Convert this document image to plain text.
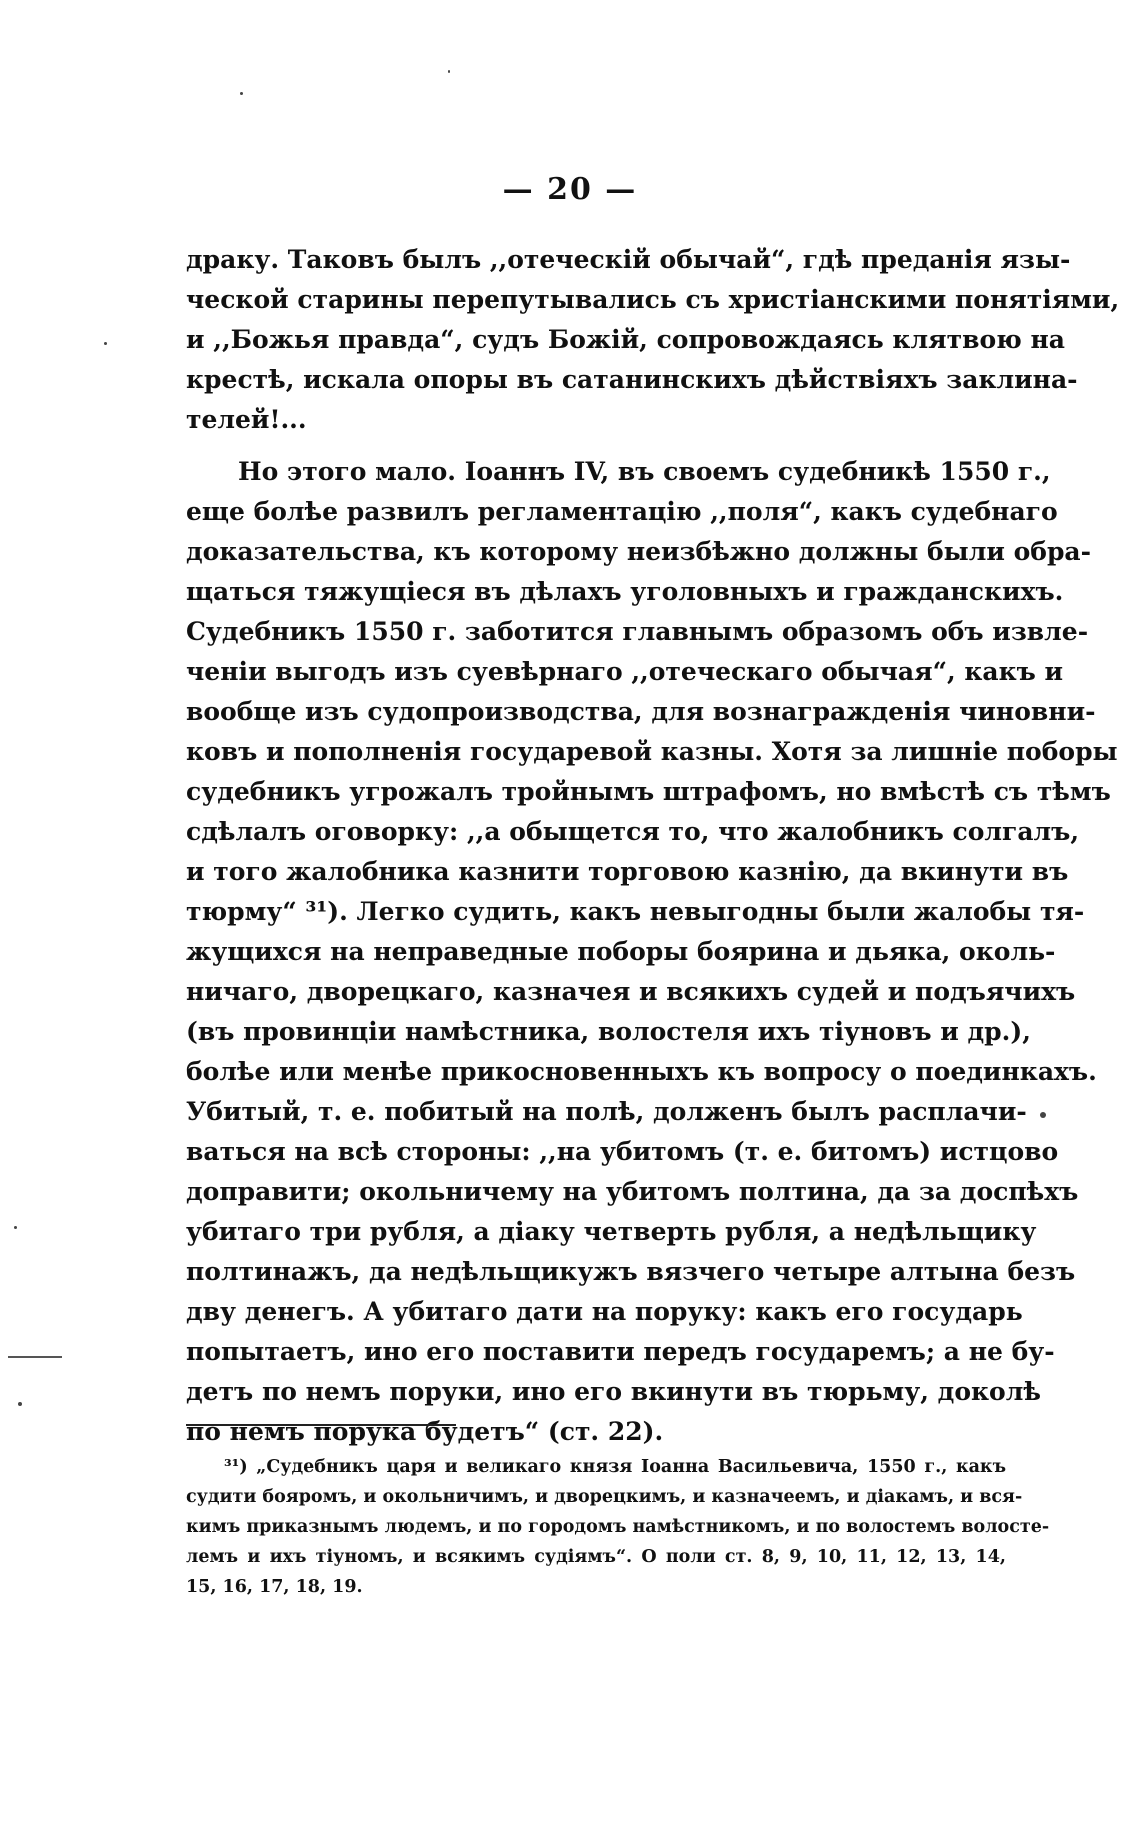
— 20 —
драку. Таковъ былъ ,,отеческій обычай“, гдѣ преданія язы-
ческой старины перепутывались съ христіанскими понятіями,
и ,,Божья правда“, судъ Божій, сопровождаясь клятвою на
крестѣ, искала опоры въ сатанинскихъ дѣйствіяхъ заклина-
телей!...
Но этого мало. Іоаннъ IV, въ своемъ судебникѣ 1550 г.,
еще болѣе развилъ регламентацію ,,поля“, какъ судебнаго
доказательства, къ которому неизбѣжно должны были обра-
щаться тяжущіеся въ дѣлахъ уголовныхъ и гражданскихъ.
Судебникъ 1550 г. заботится главнымъ образомъ объ извле-
ченіи выгодъ изъ суевѣрнаго ,,отеческаго обычая“, какъ и
вообще изъ судопроизводства, для вознагражденія чиновни-
ковъ и пополненія государевой казны. Хотя за лишніе поборы
судебникъ угрожалъ тройнымъ штрафомъ, но вмѣстѣ съ тѣмъ
сдѣлалъ оговорку: ,,а обыщется то, что жалобникъ солгалъ,
и того жалобника казнити торговою казнію, да вкинути въ
тюрму“ ³¹). Легко судить, какъ невыгодны были жалобы тя-
жущихся на неправедные поборы боярина и дьяка, околь-
ничаго, дворецкаго, казначея и всякихъ судей и подъячихъ
(въ провинціи намѣстника, волостеля ихъ тіуновъ и др.),
болѣе или менѣе прикосновенныхъ къ вопросу о поединкахъ.
Убитый, т. е. побитый на полѣ, долженъ былъ расплачи-
ваться на всѣ стороны: ,,на убитомъ (т. е. битомъ) истцово
доправити; окольничему на убитомъ полтина, да за доспѣхъ
убитаго три рубля, а діаку четверть рубля, а недѣльщику
полтинажъ, да недѣльщикужъ вязчего четыре алтына безъ
дву денегъ. А убитаго дати на поруку: какъ его государь
попытаетъ, ино его поставити передъ государемъ; а не бу-
детъ по немъ поруки, ино его вкинути въ тюрьму, доколѣ
по немъ порука будетъ“ (ст. 22).
³¹) „Судебникъ царя и великаго князя Іоанна Васильевича, 1550 г., какъ
судити бояромъ, и окольничимъ, и дворецкимъ, и казначеемъ, и діакамъ, и вся-
кимъ приказнымъ людемъ, и по городомъ намѣстникомъ, и по волостемъ волосте-
лемъ и ихъ тіуномъ, и всякимъ судіямъ“. О поли ст. 8, 9, 10, 11, 12, 13, 14,
15, 16, 17, 18, 19.
